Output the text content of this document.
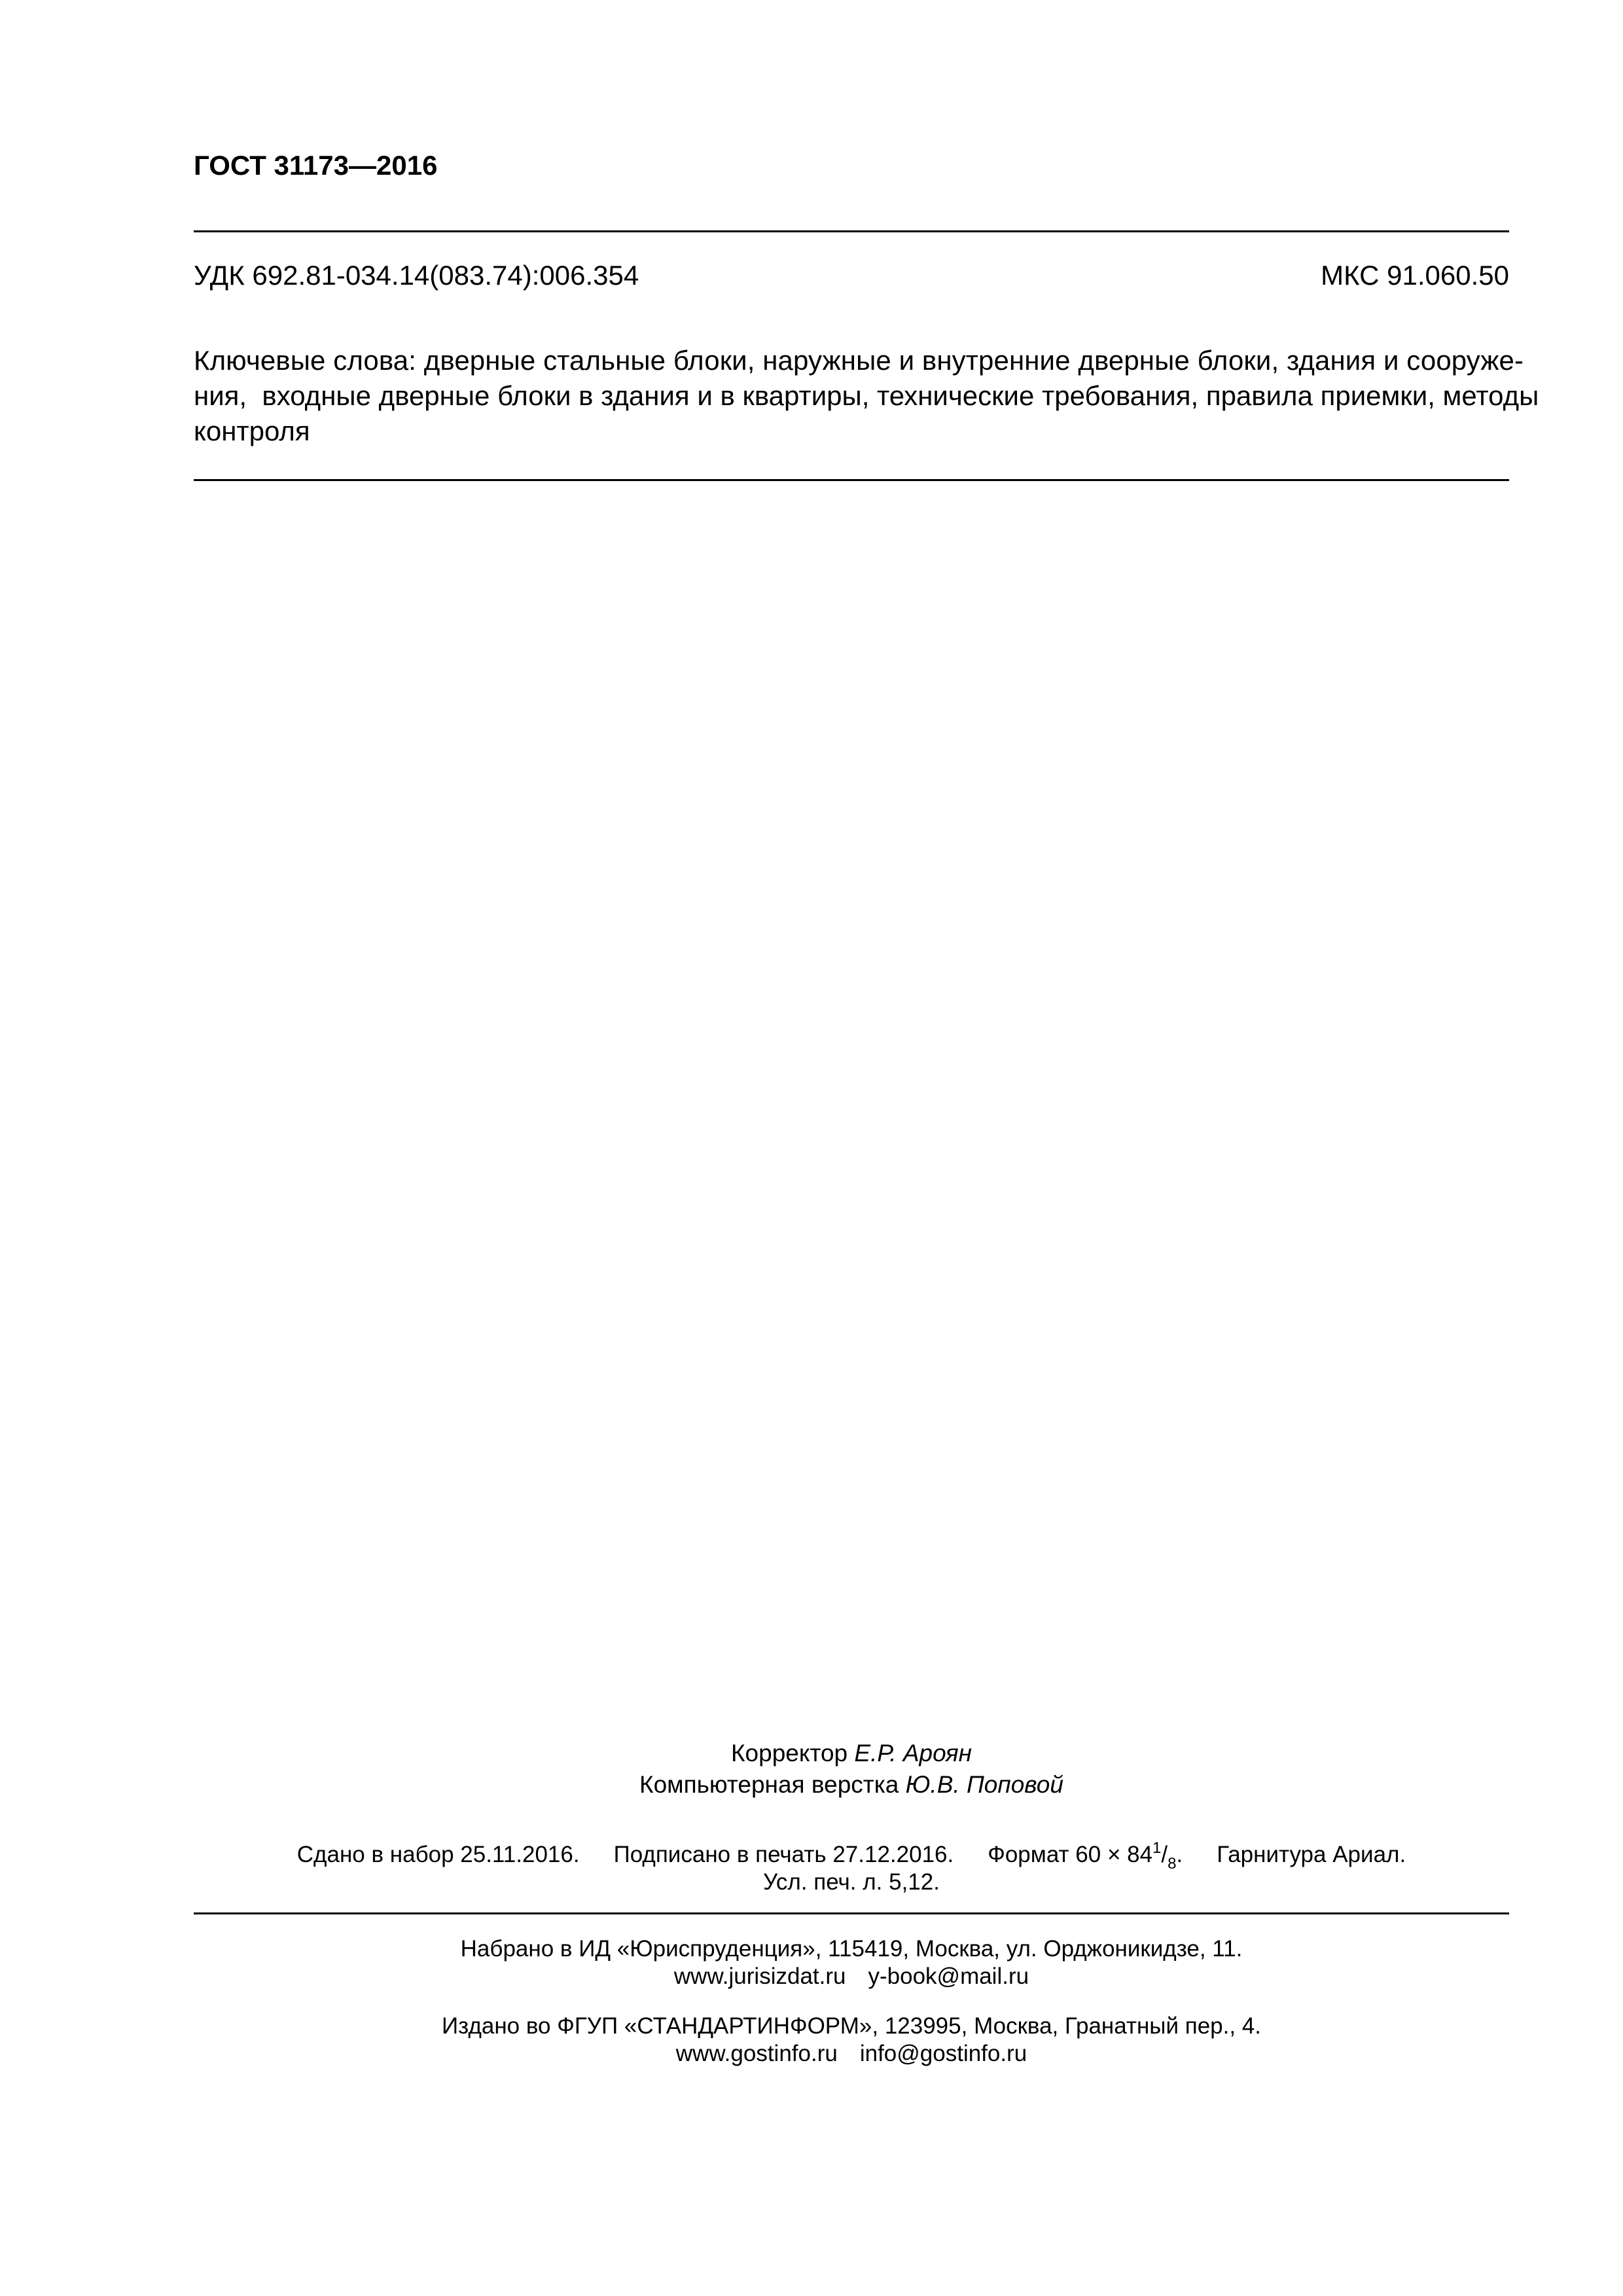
ГОСТ 31173—2016
УДК 692.81-034.14(083.74):006.354	МКС 91.060.50
Ключевые слова: дверные стальные блоки, наружные и внутренние дверные блоки, здания и сооруже-
ния,  входные дверные блоки в здания и в квартиры, технические требования, правила приемки, методы
контроля
Корректор Е.Р. Ароян
Компьютерная верстка Ю.В. Поповой
Сдано в набор 25.11.2016. Подписано в печать 27.12.2016. Формат $60 \times 84^1/_8$. Гарнитура Ариал.
Усл. печ. л. 5,12.
Набрано в ИД «Юриспруденция», 115419, Москва, ул. Орджоникидзе, 11.
www.jurisizdat.ru y-book@mail.ru
Издано во ФГУП «СТАНДАРТИНФОРМ», 123995, Москва, Гранатный пер., 4.
www.gostinfo.ru info@gostinfo.ru
